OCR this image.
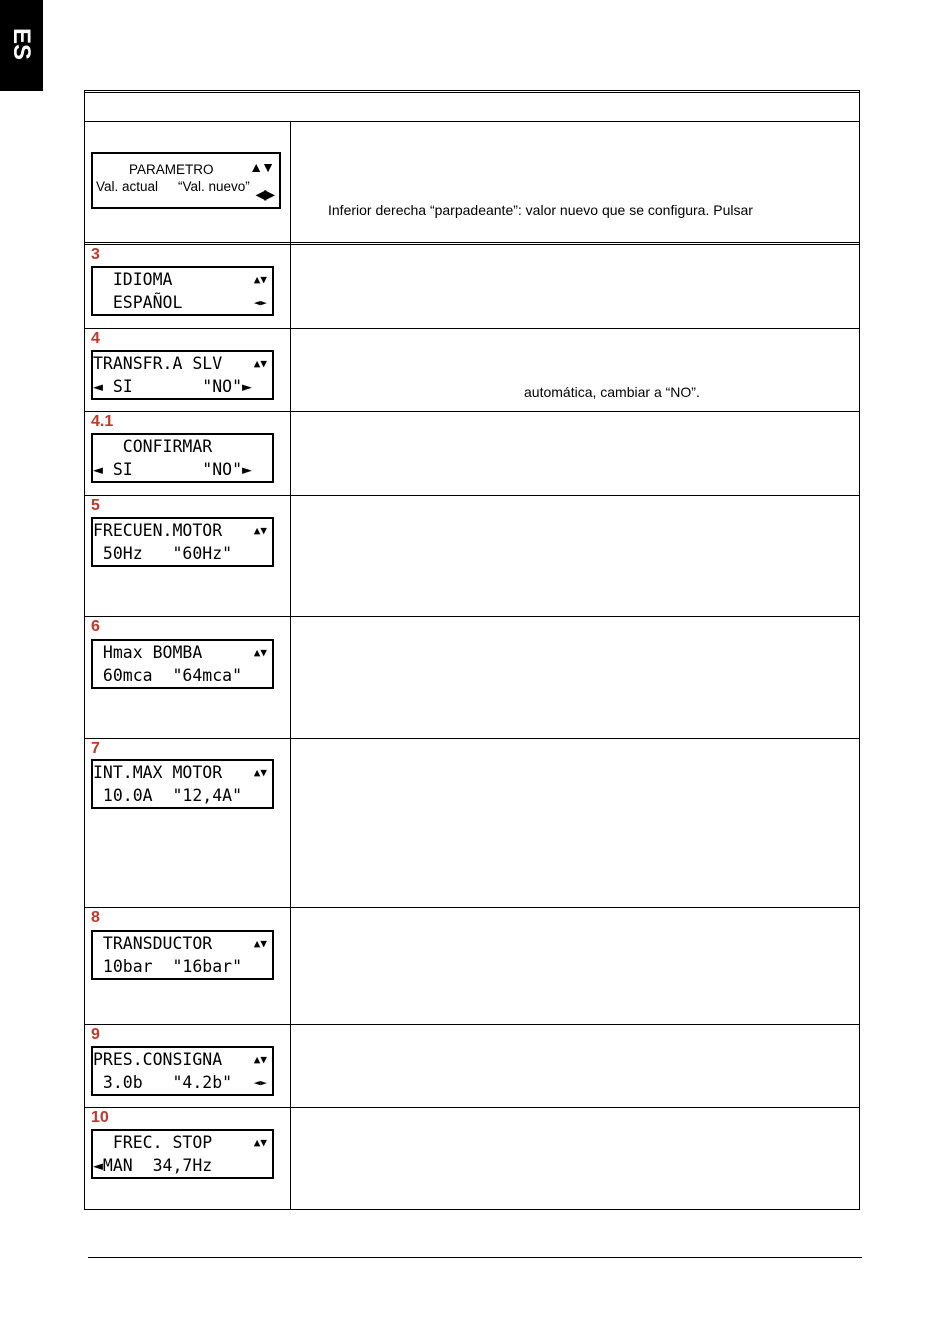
ES
PARAMETRO	▲▼
Val. actual “Val. nuevo” ◀▶
Inferior derecha “parpadeante”: valor nuevo que se configura. Pulsar
3
IDIOMA	▲▼
ESPAÑOL	◄►
4
TRANSFR.A SLV	▲▼
◄ SI       "NO"►	automática, cambiar a “NO”.
4.1
CONFIRMAR
◄ SI       "NO"►
5
FRECUEN.MOTOR	▲▼
50Hz   "60Hz"
6
Hmax BOMBA	▲▼
60mca  "64mca"
7
INT.MAX MOTOR	▲▼
10.0A  "12,4A"
8
TRANSDUCTOR	▲▼
10bar  "16bar"
9
PRES.CONSIGNA	▲▼
3.0b   "4.2b" ◄►
10
FREC. STOP	▲▼
◄MAN  34,7Hz
